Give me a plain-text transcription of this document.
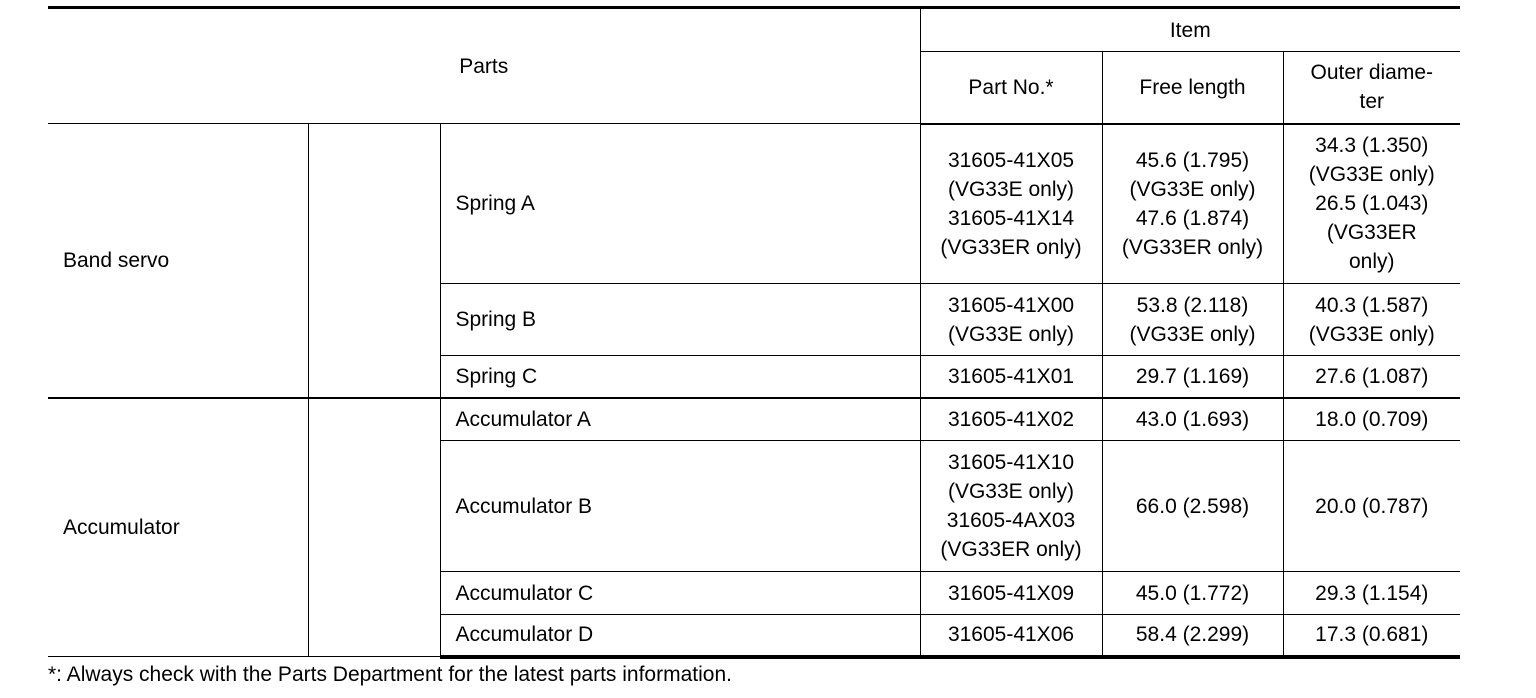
Parts			Item		
			Part No.*	Free length	Outer diame-
ter
Band servo		Spring A	31605-41X05
(VG33E only)
31605-41X14
(VG33ER only)	45.6 (1.795)
(VG33E only)
47.6 (1.874)
(VG33ER only)	34.3 (1.350)
(VG33E only)
26.5 (1.043)
(VG33ER
only)
		Spring B	31605-41X00
(VG33E only)	53.8 (2.118)
(VG33E only)	40.3 (1.587)
(VG33E only)
		Spring C	31605-41X01	29.7 (1.169)	27.6 (1.087)
Accumulator		Accumulator A	31605-41X02	43.0 (1.693)	18.0 (0.709)
		Accumulator B	31605-41X10
(VG33E only)
31605-4AX03
(VG33ER only)	66.0 (2.598)	20.0 (0.787)
		Accumulator C	31605-41X09	45.0 (1.772)	29.3 (1.154)
		Accumulator D	31605-41X06	58.4 (2.299)	17.3 (0.681)
*: Always check with the Parts Department for the latest parts information.
